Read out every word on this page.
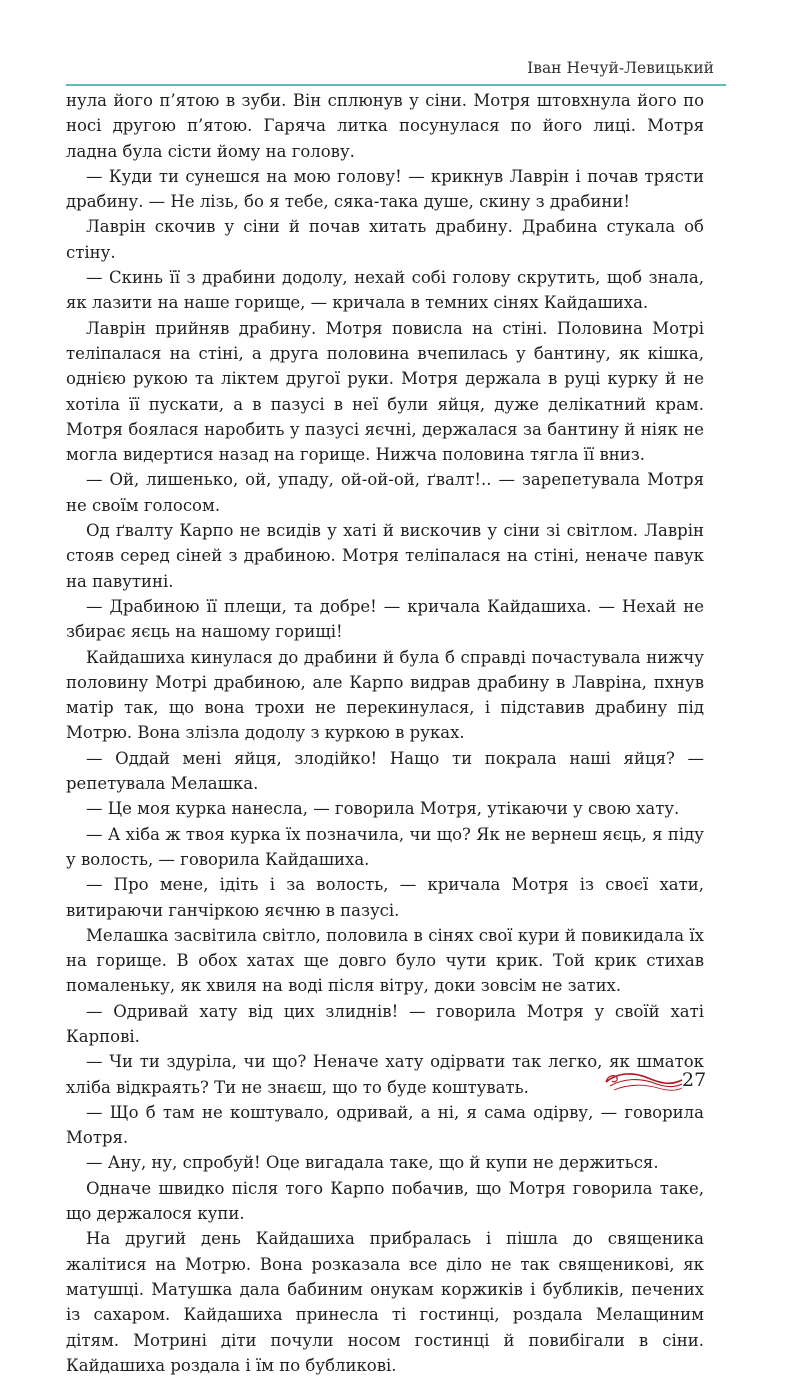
Іван Нечуй-Левицький

нула його п’ятою в зуби. Він сплюнув у сіни. Мотря штовхнула його по носі другою п’ятою. Гаряча литка посунулася по його лиці. Мотря ладна була сісти йому на голову.

— Куди ти сунешся на мою голову! — крикнув Лаврін і почав трясти драбину. — Не лізь, бо я тебе, сяка-така душе, скину з драбини!

Лаврін скочив у сіни й почав хитать драбину. Драбина стукала об стіну.

— Скинь її з драбини додолу, нехай собі голову скрутить, щоб знала, як лазити на наше горище, — кричала в темних сінях Кайдашиха.

Лаврін прийняв драбину. Мотря повисла на стіні. Половина Мотрі теліпалася на стіні, а друга половина вчепилась у бантину, як кішка, однією рукою та ліктем другої руки. Мотря держала в руці курку й не хотіла її пускати, а в пазусі в неї були яйця, дуже делікатний крам. Мотря боялася наробить у пазусі яєчні, держалася за бантину й ніяк не могла видертися назад на горище. Нижча половина тягла її вниз.

— Ой, лишенько, ой, упаду, ой-ой-ой, ґвалт!.. — зарепетувала Мотря не своїм голосом.

Од ґвалту Карпо не всидів у хаті й вискочив у сіни зі світлом. Лаврін стояв серед сіней з драбиною. Мотря теліпалася на стіні, неначе павук на павутині.

— Драбиною її плещи, та добре! — кричала Кайдашиха. — Нехай не збирає яєць на нашому горищі!

Кайдашиха кинулася до драбини й була б справді почастувала нижчу половину Мотрі драбиною, але Карпо видрав драбину в Лавріна, пхнув матір так, що вона трохи не перекинулася, і підставив драбину під Мотрю. Вона злізла додолу з куркою в руках.

— Оддай мені яйця, злодійко! Нащо ти покрала наші яйця? — репетувала Мелашка.

— Це моя курка нанесла, — говорила Мотря, утікаючи у свою хату.

— А хіба ж твоя курка їх позначила, чи що? Як не вернеш яєць, я піду у волость, — говорила Кайдашиха.

— Про мене, ідіть і за волость, — кричала Мотря із своєї хати, витираючи ганчіркою яєчню в пазусі.

Мелашка засвітила світло, половила в сінях свої кури й повикидала їх на горище. В обох хатах ще довго було чути крик. Той крик стихав помаленьку, як хвиля на воді після вітру, доки зовсім не затих.

— Одривай хату від цих злиднів! — говорила Мотря у своїй хаті Карпові.

— Чи ти здуріла, чи що? Неначе хату одірвати так легко, як шматок хліба відкраять? Ти не знаєш, що то буде коштувать.

— Що б там не коштувало, одривай, а ні, я сама одірву, — говорила Мотря.

— Ану, ну, спробуй! Оце вигадала таке, що й купи не держиться.

Одначе швидко після того Карпо побачив, що Мотря говорила таке, що держалося купи.

На другий день Кайдашиха прибралась і пішла до священика жалітися на Мотрю. Вона розказала все діло не так священикові, як матушці. Матушка дала бабиним онукам коржиків і бубликів, печених із сахаром. Кайдашиха принесла ті гостинці, роздала Мелащиним дітям. Мотрині діти почули носом гостинці й повибігали в сіни. Кайдашиха роздала і їм по бубликові.

27
